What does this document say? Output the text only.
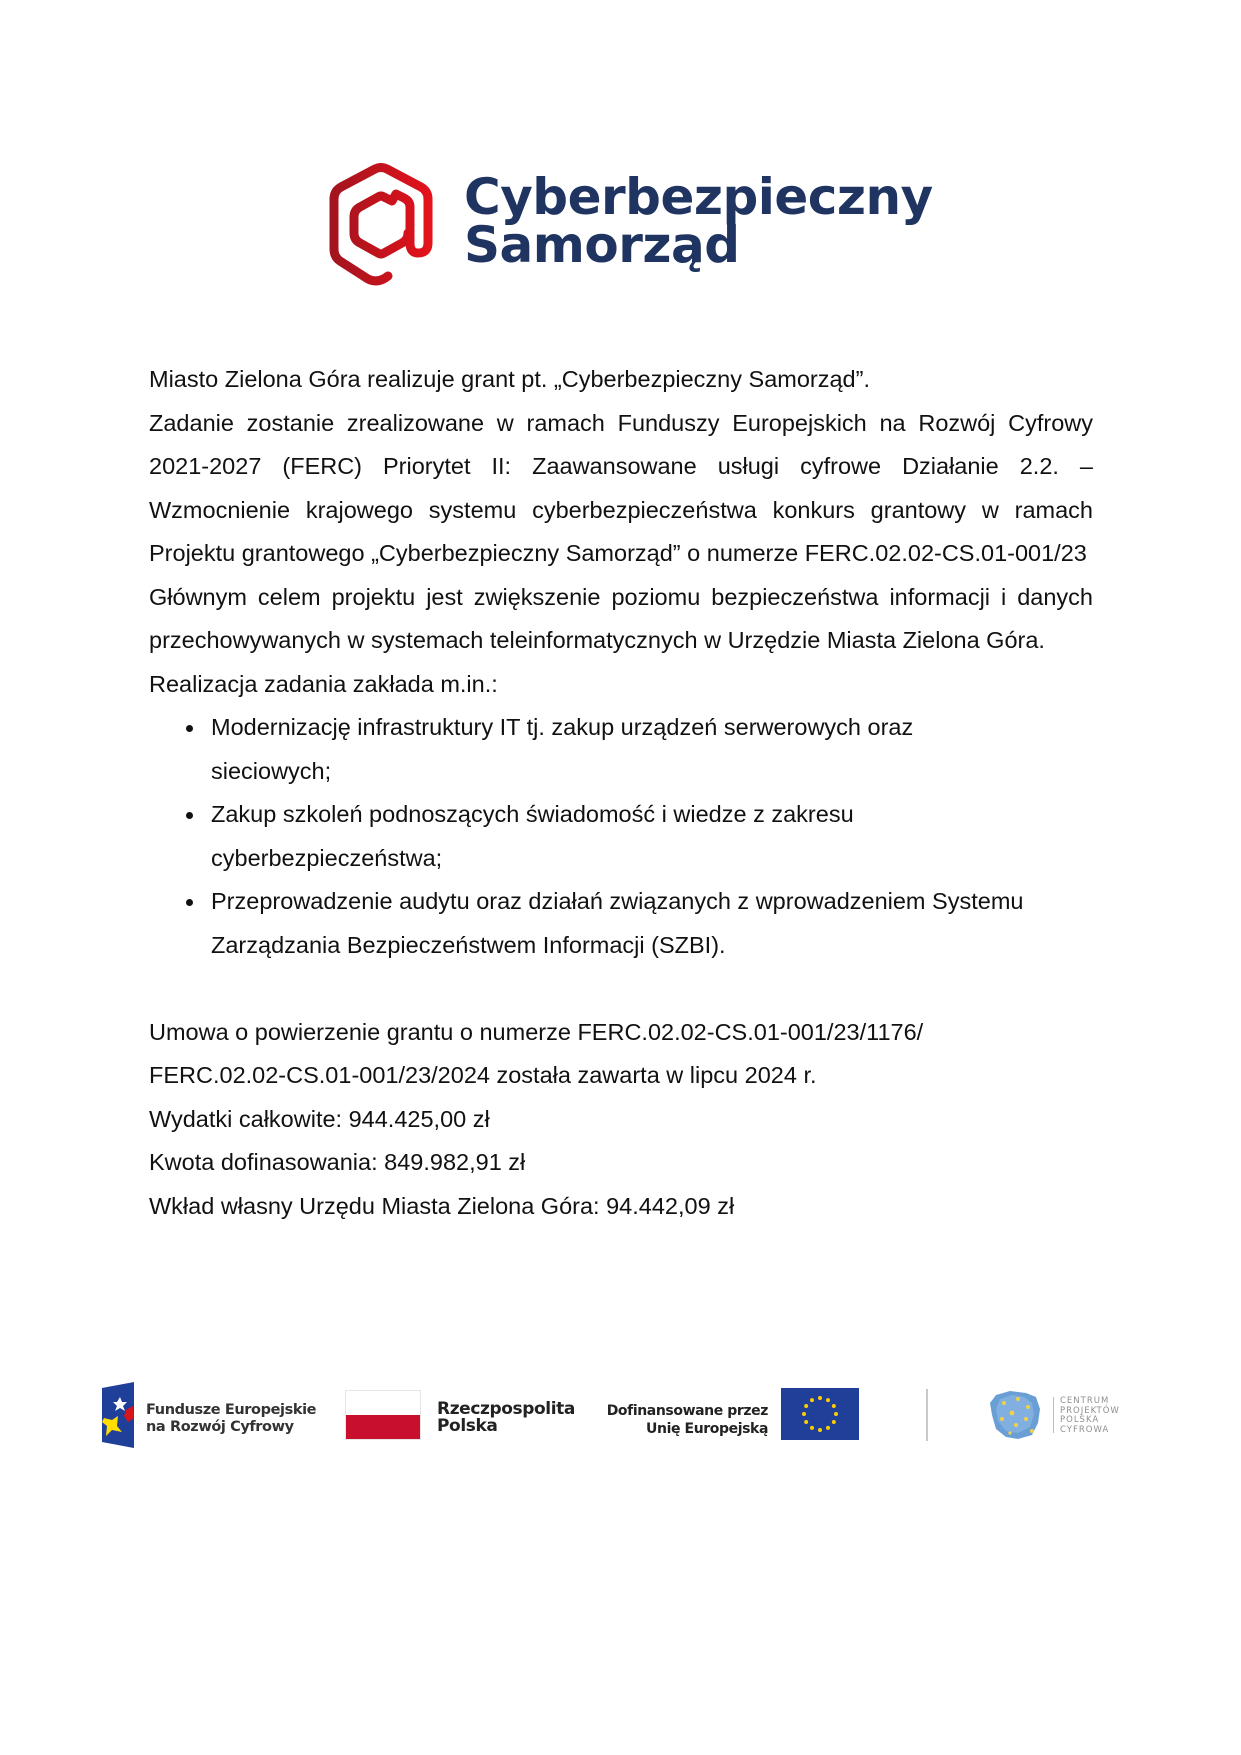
Cyberbezpieczny
Samorząd

Miasto Zielona Góra realizuje grant pt. „Cyberbezpieczny Samorząd”.

Zadanie zostanie zrealizowane w ramach Funduszy Europejskich na Rozwój Cyfrowy 2021-2027 (FERC) Priorytet II: Zaawansowane usługi cyfrowe Działanie 2.2. – Wzmocnienie krajowego systemu cyberbezpieczeństwa konkurs grantowy w ramach Projektu grantowego „Cyberbezpieczny Samorząd” o numerze FERC.02.02-CS.01-001/23

Głównym celem projektu jest zwiększenie poziomu bezpieczeństwa informacji i danych przechowywanych w systemach teleinformatycznych w Urzędzie Miasta Zielona Góra.

Realizacja zadania zakłada m.in.:

Modernizację infrastruktury IT tj. zakup urządzeń serwerowych oraz sieciowych;
Zakup szkoleń podnoszących świadomość i wiedze z zakresu cyberbezpieczeństwa;
Przeprowadzenie audytu oraz działań związanych z wprowadzeniem Systemu Zarządzania Bezpieczeństwem Informacji (SZBI).

Umowa o powierzenie grantu o numerze FERC.02.02-CS.01-001/23/1176/

FERC.02.02-CS.01-001/23/2024 została zawarta w lipcu 2024 r.

Wydatki całkowite: 944.425,00 zł

Kwota dofinasowania: 849.982,91 zł

Wkład własny Urzędu Miasta Zielona Góra: 94.442,09 zł

Fundusze Europejskie
na Rozwój Cyfrowy
Rzeczpospolita
Polska
Dofinansowane przez
Unię Europejską
CENTRUM
PROJEKTÓW
POLSKA
CYFROWA
